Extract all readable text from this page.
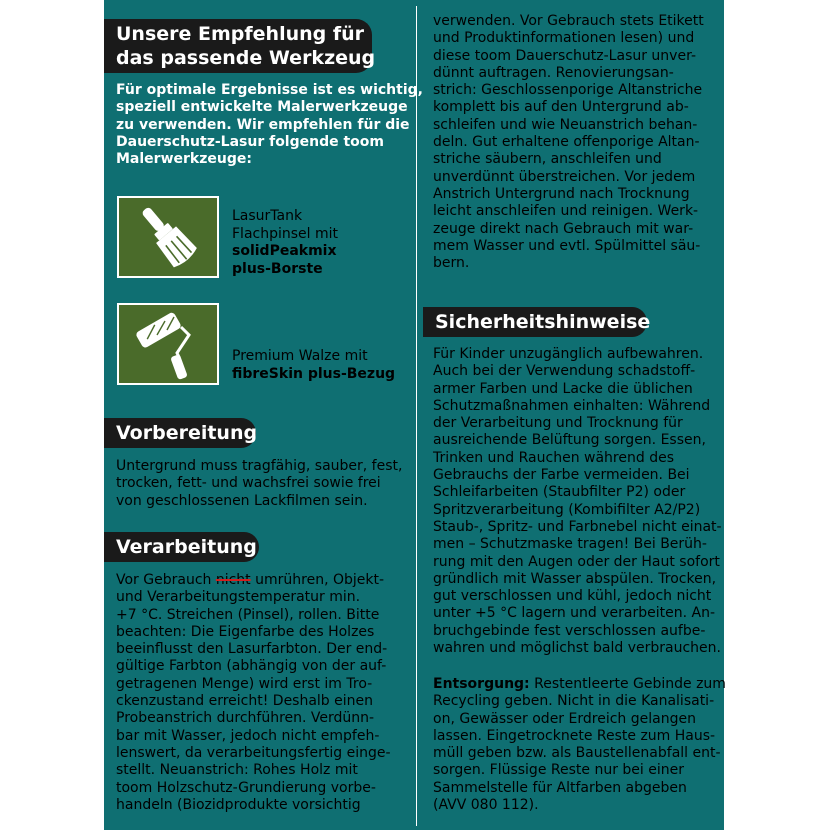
Unsere Empfehlung für
das passende Werkzeug

Für optimale Ergebnisse ist es wichtig,
speziell entwickelte Malerwerkzeuge
zu verwenden. Wir empfehlen für die
Dauerschutz-Lasur folgende toom
Malerwerkzeuge:

LasurTank
Flachpinsel mit
solidPeakmix
plus-Borste
Premium Walze mit
fibreSkin plus-Bezug
Vorbereitung

Untergrund muss tragfähig, sauber, fest,
trocken, fett- und wachsfrei sowie frei
von geschlossenen Lackfilmen sein.

Verarbeitung

Vor Gebrauch nicht umrühren, Objekt-
und Verarbeitungstemperatur min.
+7 °C. Streichen (Pinsel), rollen. Bitte
beachten: Die Eigenfarbe des Holzes
beeinflusst den Lasurfarbton. Der end-
gültige Farbton (abhängig von der auf-
getragenen Menge) wird erst im Tro-
ckenzustand erreicht! Deshalb einen
Probeanstrich durchführen. Verdünn-
bar mit Wasser, jedoch nicht empfeh-
lenswert, da verarbeitungsfertig einge-
stellt. Neuanstrich: Rohes Holz mit
toom Holzschutz-Grundierung vorbe-
handeln (Biozidprodukte vorsichtig

verwenden. Vor Gebrauch stets Etikett
und Produktinformationen lesen) und
diese toom Dauerschutz-Lasur unver-
dünnt auftragen. Renovierungsan-
strich: Geschlossenporige Altanstriche
komplett bis auf den Untergrund ab-
schleifen und wie Neuanstrich behan-
deln. Gut erhaltene offenporige Altan-
striche säubern, anschleifen und
unverdünnt überstreichen. Vor jedem
Anstrich Untergrund nach Trocknung
leicht anschleifen und reinigen. Werk-
zeuge direkt nach Gebrauch mit war-
mem Wasser und evtl. Spülmittel säu-
bern.

Sicherheitshinweise

Für Kinder unzugänglich aufbewahren.
Auch bei der Verwendung schadstoff-
armer Farben und Lacke die üblichen
Schutzmaßnahmen einhalten: Während
der Verarbeitung und Trocknung für
ausreichende Belüftung sorgen. Essen,
Trinken und Rauchen während des
Gebrauchs der Farbe vermeiden. Bei
Schleifarbeiten (Staubfilter P2) oder
Spritzverarbeitung (Kombifilter A2/P2)
Staub-, Spritz- und Farbnebel nicht einat-
men – Schutzmaske tragen! Bei Berüh-
rung mit den Augen oder der Haut sofort
gründlich mit Wasser abspülen. Trocken,
gut verschlossen und kühl, jedoch nicht
unter +5 °C lagern und verarbeiten. An-
bruchgebinde fest verschlossen aufbe-
wahren und möglichst bald verbrauchen.

Entsorgung: Restentleerte Gebinde zum
Recycling geben. Nicht in die Kanalisati-
on, Gewässer oder Erdreich gelangen
lassen. Eingetrocknete Reste zum Haus-
müll geben bzw. als Baustellenabfall ent-
sorgen. Flüssige Reste nur bei einer
Sammelstelle für Altfarben abgeben
(AVV 080 112).
